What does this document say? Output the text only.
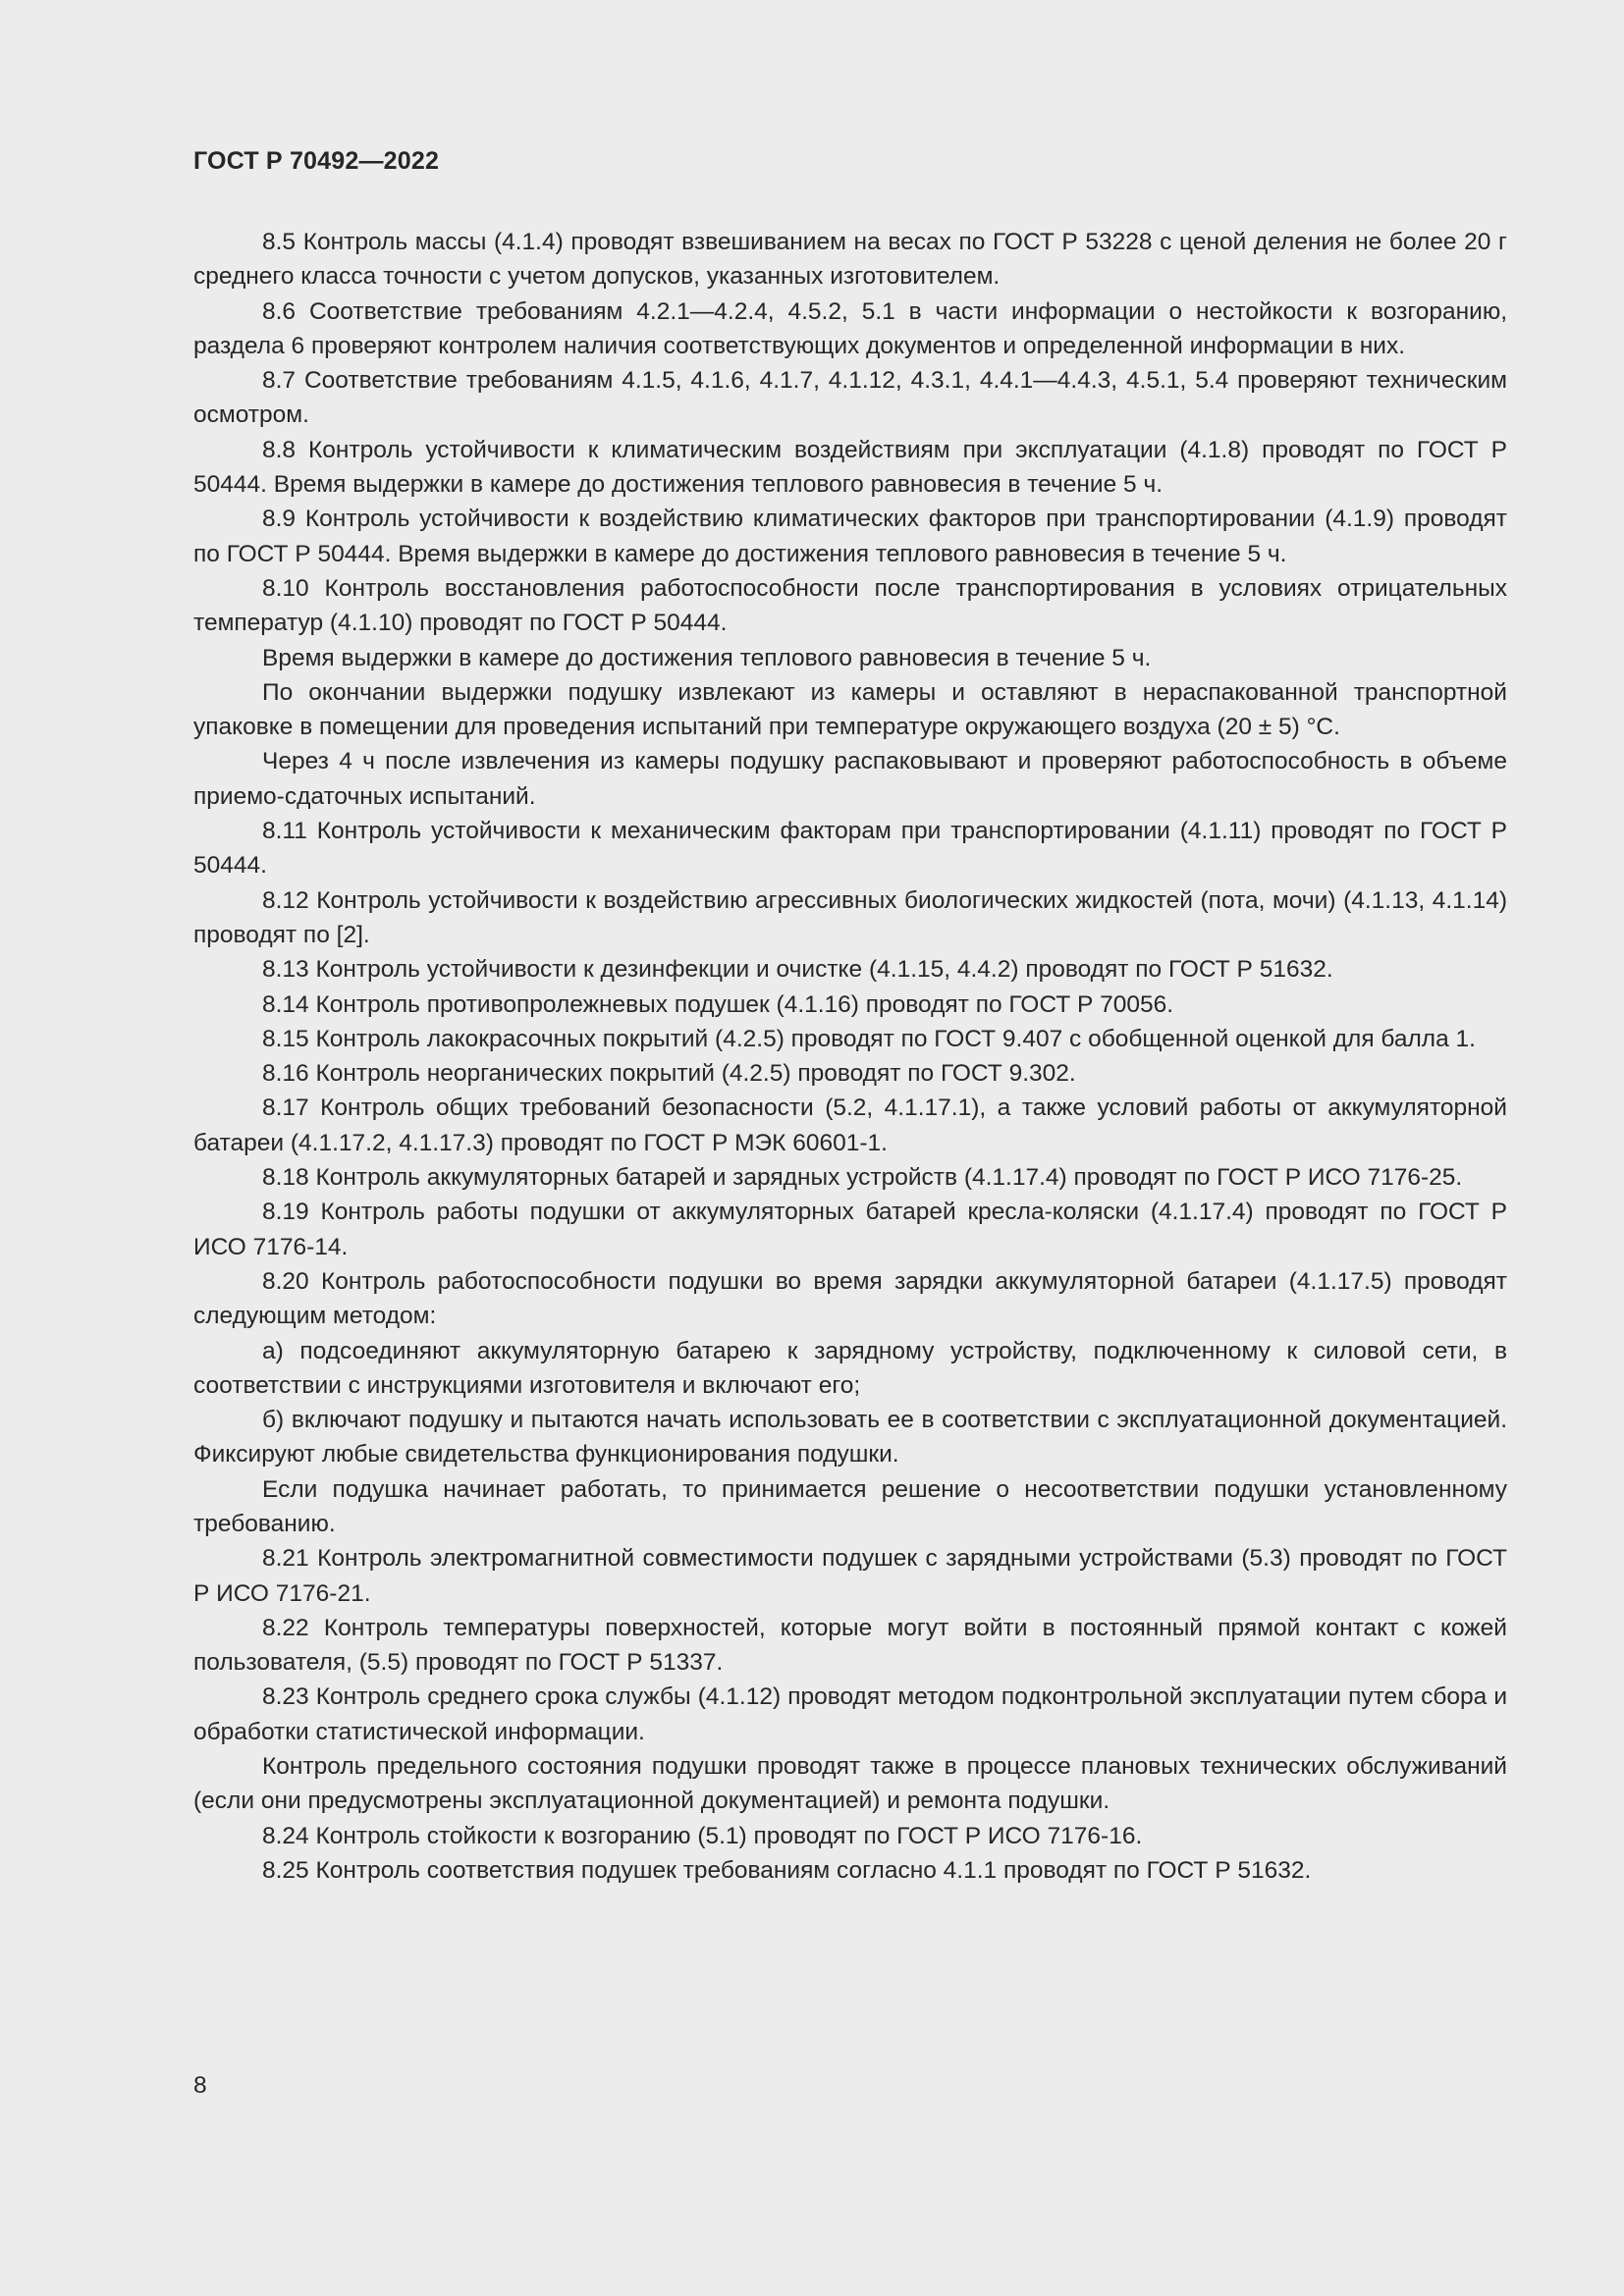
ГОСТ Р 70492—2022

8.5 Контроль массы (4.1.4) проводят взвешиванием на весах по ГОСТ Р 53228 с ценой деления не более 20 г среднего класса точности с учетом допусков, указанных изготовителем.

8.6 Соответствие требованиям 4.2.1—4.2.4, 4.5.2, 5.1 в части информации о нестойкости к возгоранию, раздела 6 проверяют контролем наличия соответствующих документов и определенной информации в них.

8.7 Соответствие требованиям 4.1.5, 4.1.6, 4.1.7, 4.1.12, 4.3.1, 4.4.1—4.4.3, 4.5.1, 5.4 проверяют техническим осмотром.

8.8 Контроль устойчивости к климатическим воздействиям при эксплуатации (4.1.8) проводят по ГОСТ Р 50444. Время выдержки в камере до достижения теплового равновесия в течение 5 ч.

8.9 Контроль устойчивости к воздействию климатических факторов при транспортировании (4.1.9) проводят по ГОСТ Р 50444. Время выдержки в камере до достижения теплового равновесия в течение 5 ч.

8.10 Контроль восстановления работоспособности после транспортирования в условиях отрицательных температур (4.1.10) проводят по ГОСТ Р 50444.

Время выдержки в камере до достижения теплового равновесия в течение 5 ч.

По окончании выдержки подушку извлекают из камеры и оставляют в нераспакованной транспортной упаковке в помещении для проведения испытаний при температуре окружающего воздуха (20 ± 5) °С.

Через 4 ч после извлечения из камеры подушку распаковывают и проверяют работоспособность в объеме приемо-сдаточных испытаний.

8.11 Контроль устойчивости к механическим факторам при транспортировании (4.1.11) проводят по ГОСТ Р 50444.

8.12 Контроль устойчивости к воздействию агрессивных биологических жидкостей (пота, мочи) (4.1.13, 4.1.14) проводят по [2].

8.13 Контроль устойчивости к дезинфекции и очистке (4.1.15, 4.4.2) проводят по ГОСТ Р 51632.

8.14 Контроль противопролежневых подушек (4.1.16) проводят по ГОСТ Р 70056.

8.15 Контроль лакокрасочных покрытий (4.2.5) проводят по ГОСТ 9.407 с обобщенной оценкой для балла 1.

8.16 Контроль неорганических покрытий (4.2.5) проводят по ГОСТ 9.302.

8.17 Контроль общих требований безопасности (5.2, 4.1.17.1), а также условий работы от аккумуляторной батареи (4.1.17.2, 4.1.17.3) проводят по ГОСТ Р МЭК 60601-1.

8.18 Контроль аккумуляторных батарей и зарядных устройств (4.1.17.4) проводят по ГОСТ Р ИСО 7176-25.

8.19 Контроль работы подушки от аккумуляторных батарей кресла-коляски (4.1.17.4) проводят по ГОСТ Р ИСО 7176-14.

8.20 Контроль работоспособности подушки во время зарядки аккумуляторной батареи (4.1.17.5) проводят следующим методом:

а) подсоединяют аккумуляторную батарею к зарядному устройству, подключенному к силовой сети, в соответствии с инструкциями изготовителя и включают его;

б) включают подушку и пытаются начать использовать ее в соответствии с эксплуатационной документацией. Фиксируют любые свидетельства функционирования подушки.

Если подушка начинает работать, то принимается решение о несоответствии подушки установленному требованию.

8.21 Контроль электромагнитной совместимости подушек с зарядными устройствами (5.3) проводят по ГОСТ Р ИСО 7176-21.

8.22 Контроль температуры поверхностей, которые могут войти в постоянный прямой контакт с кожей пользователя, (5.5) проводят по ГОСТ Р 51337.

8.23 Контроль среднего срока службы (4.1.12) проводят методом подконтрольной эксплуатации путем сбора и обработки статистической информации.

Контроль предельного состояния подушки проводят также в процессе плановых технических обслуживаний (если они предусмотрены эксплуатационной документацией) и ремонта подушки.

8.24 Контроль стойкости к возгоранию (5.1) проводят по ГОСТ Р ИСО 7176-16.

8.25 Контроль соответствия подушек требованиям согласно 4.1.1 проводят по ГОСТ Р 51632.

8
